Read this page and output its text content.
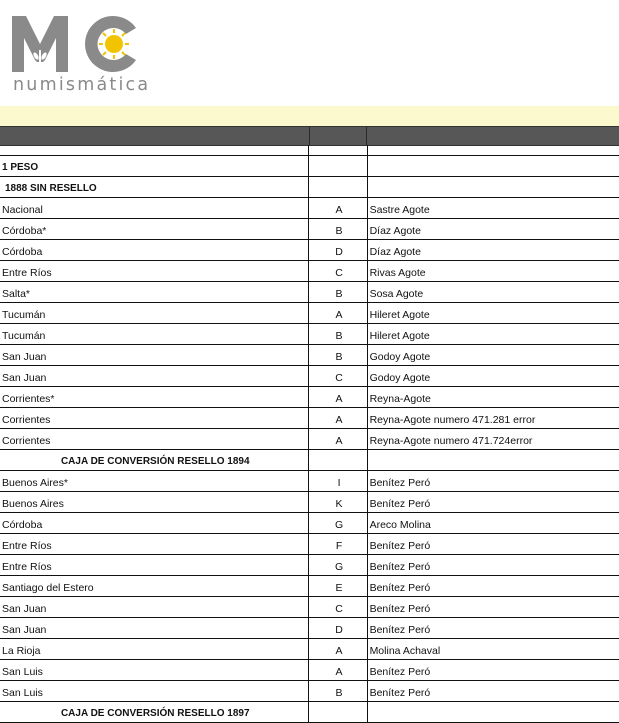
numismática

1 PESO		
1888 SIN RESELLO		
Nacional	A	Sastre Agote
Córdoba*	B	Díaz Agote
Córdoba	D	Díaz Agote
Entre Ríos	C	Rivas Agote
Salta*	B	Sosa Agote
Tucumán	A	Hileret Agote
Tucumán	B	Hileret Agote
San Juan	B	Godoy Agote
San Juan	C	Godoy Agote
Corrientes*	A	Reyna-Agote
Corrientes	A	Reyna-Agote numero 471.281 error
Corrientes	A	Reyna-Agote numero 471.724error
CAJA DE CONVERSIÓN RESELLO 1894		
Buenos Aires*	I	Benítez Peró
Buenos Aires	K	Benítez Peró
Córdoba	G	Areco Molina
Entre Ríos	F	Benítez Peró
Entre Ríos	G	Benítez Peró
Santiago del Estero	E	Benítez Peró
San Juan	C	Benítez Peró
San Juan	D	Benítez Peró
La Rioja	A	Molina Achaval
San Luis	A	Benítez Peró
San Luis	B	Benítez Peró
CAJA DE CONVERSIÓN RESELLO 1897		
